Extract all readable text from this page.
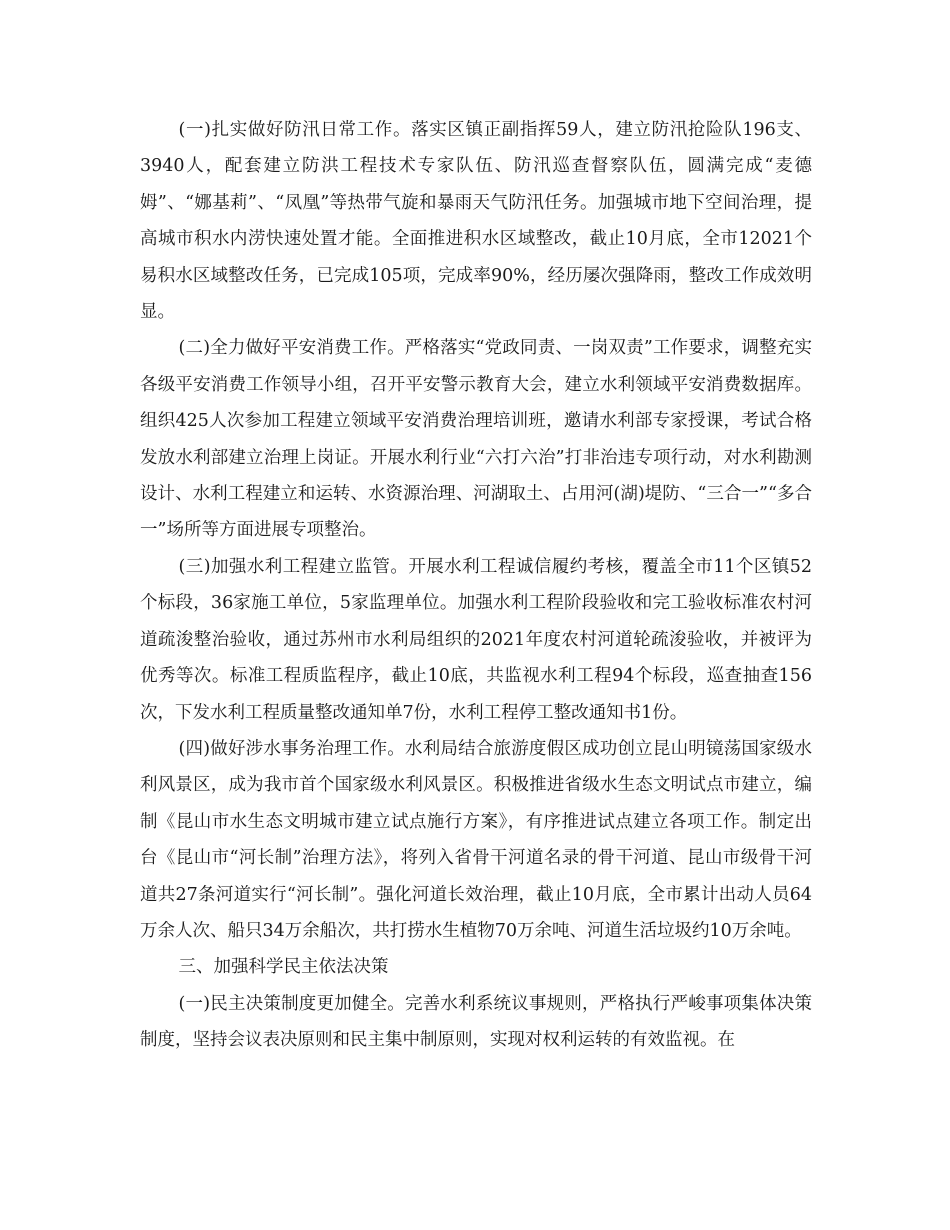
(一)扎实做好防汛日常工作。落实区镇正副指挥59人，建立防汛抢险队196支、3940人，配套建立防洪工程技术专家队伍、防汛巡查督察队伍，圆满完成“麦德姆”、“娜基莉”、“凤凰”等热带气旋和暴雨天气防汛任务。加强城市地下空间治理，提高城市积水内涝快速处置才能。全面推进积水区域整改，截止10月底，全市12021个易积水区域整改任务，已完成105项，完成率90%，经历屡次强降雨，整改工作成效明显。

(二)全力做好平安消费工作。严格落实“党政同责、一岗双责”工作要求，调整充实各级平安消费工作领导小组，召开平安警示教育大会，建立水利领域平安消费数据库。组织425人次参加工程建立领域平安消费治理培训班，邀请水利部专家授课，考试合格发放水利部建立治理上岗证。开展水利行业“六打六治”打非治违专项行动，对水利勘测设计、水利工程建立和运转、水资源治理、河湖取土、占用河(湖)堤防、“三合一”“多合一”场所等方面进展专项整治。

(三)加强水利工程建立监管。开展水利工程诚信履约考核，覆盖全市11个区镇52个标段，36家施工单位，5家监理单位。加强水利工程阶段验收和完工验收标准农村河道疏浚整治验收，通过苏州市水利局组织的2021年度农村河道轮疏浚验收，并被评为优秀等次。标准工程质监程序，截止10底，共监视水利工程94个标段，巡查抽查156次，下发水利工程质量整改通知单7份，水利工程停工整改通知书1份。

(四)做好涉水事务治理工作。水利局结合旅游度假区成功创立昆山明镜荡国家级水利风景区，成为我市首个国家级水利风景区。积极推进省级水生态文明试点市建立，编制《昆山市水生态文明城市建立试点施行方案》，有序推进试点建立各项工作。制定出台《昆山市“河长制”治理方法》，将列入省骨干河道名录的骨干河道、昆山市级骨干河道共27条河道实行“河长制”。强化河道长效治理，截止10月底，全市累计出动人员64万余人次、船只34万余船次，共打捞水生植物70万余吨、河道生活垃圾约10万余吨。

三、加强科学民主依法决策

(一)民主决策制度更加健全。完善水利系统议事规则，严格执行严峻事项集体决策制度，坚持会议表决原则和民主集中制原则，实现对权利运转的有效监视。在
